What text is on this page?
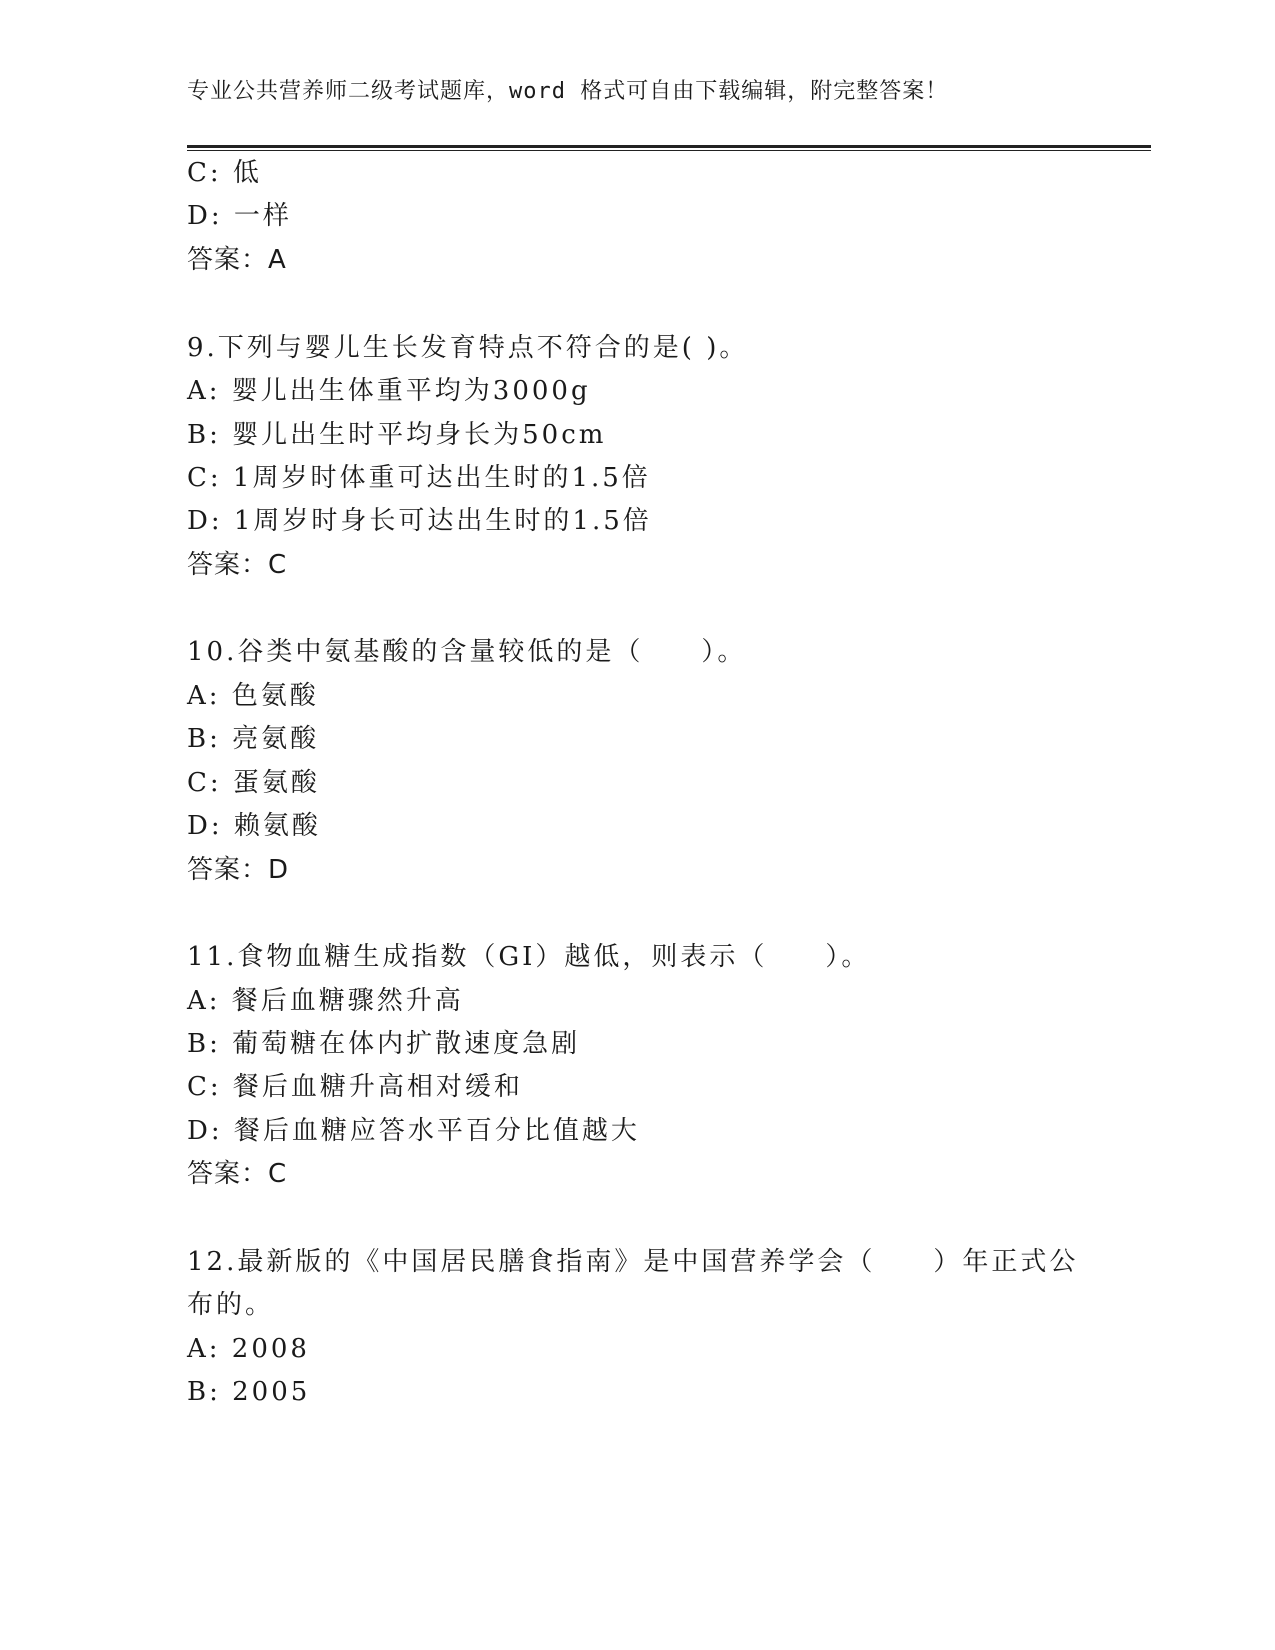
专业公共营养师二级考试题库，word 格式可自由下载编辑，附完整答案！
C: 低
D: 一样
答案：A
9.下列与婴儿生长发育特点不符合的是( )。
A: 婴儿出生体重平均为3000g
B: 婴儿出生时平均身长为50cm
C: 1周岁时体重可达出生时的1.5倍
D: 1周岁时身长可达出生时的1.5倍
答案：C
10.谷类中氨基酸的含量较低的是（　　）。
A: 色氨酸
B: 亮氨酸
C: 蛋氨酸
D: 赖氨酸
答案：D
11.食物血糖生成指数（GI）越低，则表示（　　）。
A: 餐后血糖骤然升高
B: 葡萄糖在体内扩散速度急剧
C: 餐后血糖升高相对缓和
D: 餐后血糖应答水平百分比值越大
答案：C
12.最新版的《中国居民膳食指南》是中国营养学会（　　）年正式公
布的。
A: 2008
B: 2005
